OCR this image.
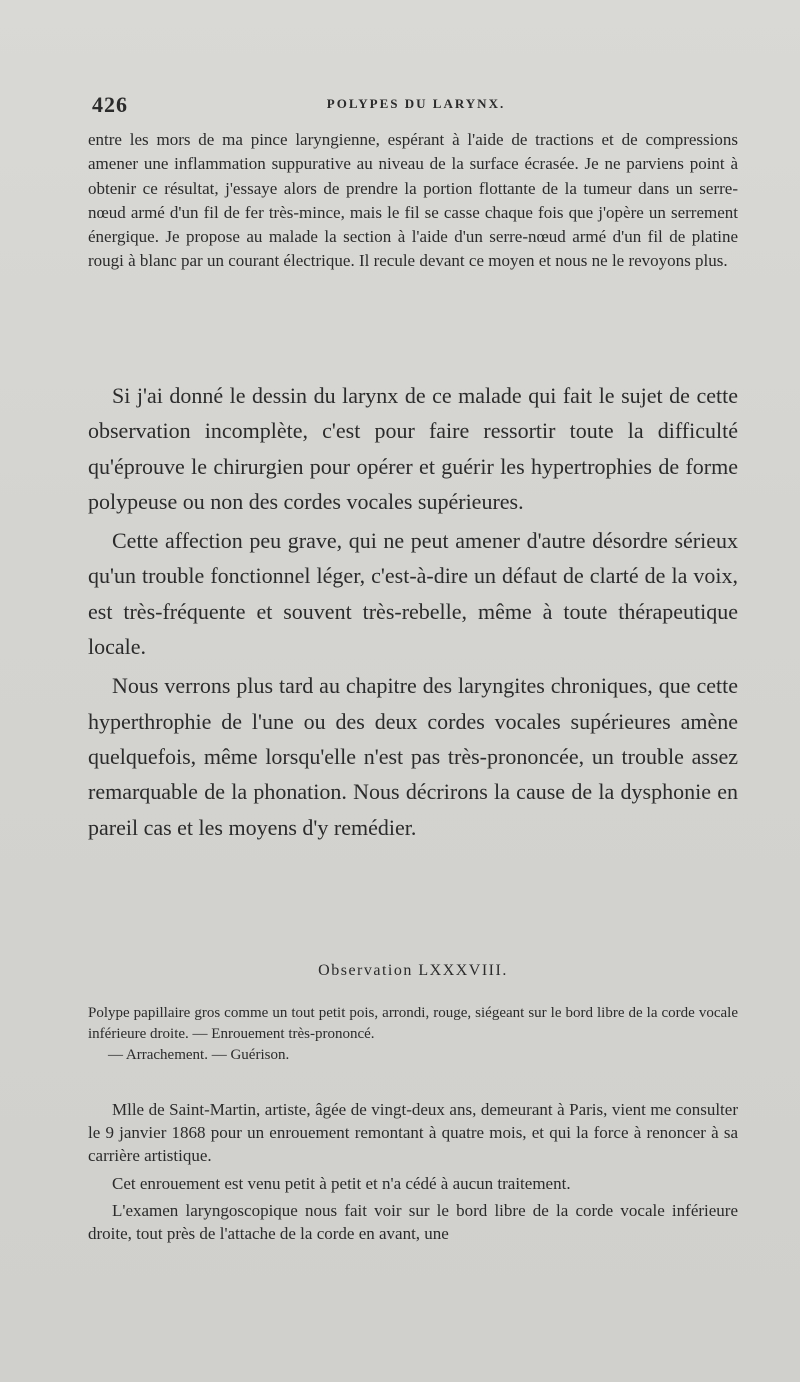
426	POLYPES DU LARYNX.

entre les mors de ma pince laryngienne, espérant à l'aide de tractions et de compressions amener une inflammation suppurative au niveau de la surface écrasée. Je ne parviens point à obtenir ce résultat, j'essaye alors de prendre la portion flottante de la tumeur dans un serre-nœud armé d'un fil de fer très-mince, mais le fil se casse chaque fois que j'opère un serrement énergique. Je propose au malade la section à l'aide d'un serre-nœud armé d'un fil de platine rougi à blanc par un courant électrique. Il recule devant ce moyen et nous ne le revoyons plus.

Si j'ai donné le dessin du larynx de ce malade qui fait le sujet de cette observation incomplète, c'est pour faire ressortir toute la difficulté qu'éprouve le chirurgien pour opérer et guérir les hypertrophies de forme polypeuse ou non des cordes vocales supérieures.

Cette affection peu grave, qui ne peut amener d'autre désordre sérieux qu'un trouble fonctionnel léger, c'est-à-dire un défaut de clarté de la voix, est très-fréquente et souvent très-rebelle, même à toute thérapeutique locale.

Nous verrons plus tard au chapitre des laryngites chroniques, que cette hyperthrophie de l'une ou des deux cordes vocales supérieures amène quelquefois, même lorsqu'elle n'est pas très-prononcée, un trouble assez remarquable de la phonation. Nous décrirons la cause de la dysphonie en pareil cas et les moyens d'y remédier.

Observation LXXXVIII.
Polype papillaire gros comme un tout petit pois, arrondi, rouge, siégeant sur le bord libre de la corde vocale inférieure droite. — Enrouement très-prononcé.
— Arrachement. — Guérison.

Mlle de Saint-Martin, artiste, âgée de vingt-deux ans, demeurant à Paris, vient me consulter le 9 janvier 1868 pour un enrouement remontant à quatre mois, et qui la force à renoncer à sa carrière artistique.

Cet enrouement est venu petit à petit et n'a cédé à aucun traitement.

L'examen laryngoscopique nous fait voir sur le bord libre de la corde vocale inférieure droite, tout près de l'attache de la corde en avant, une
